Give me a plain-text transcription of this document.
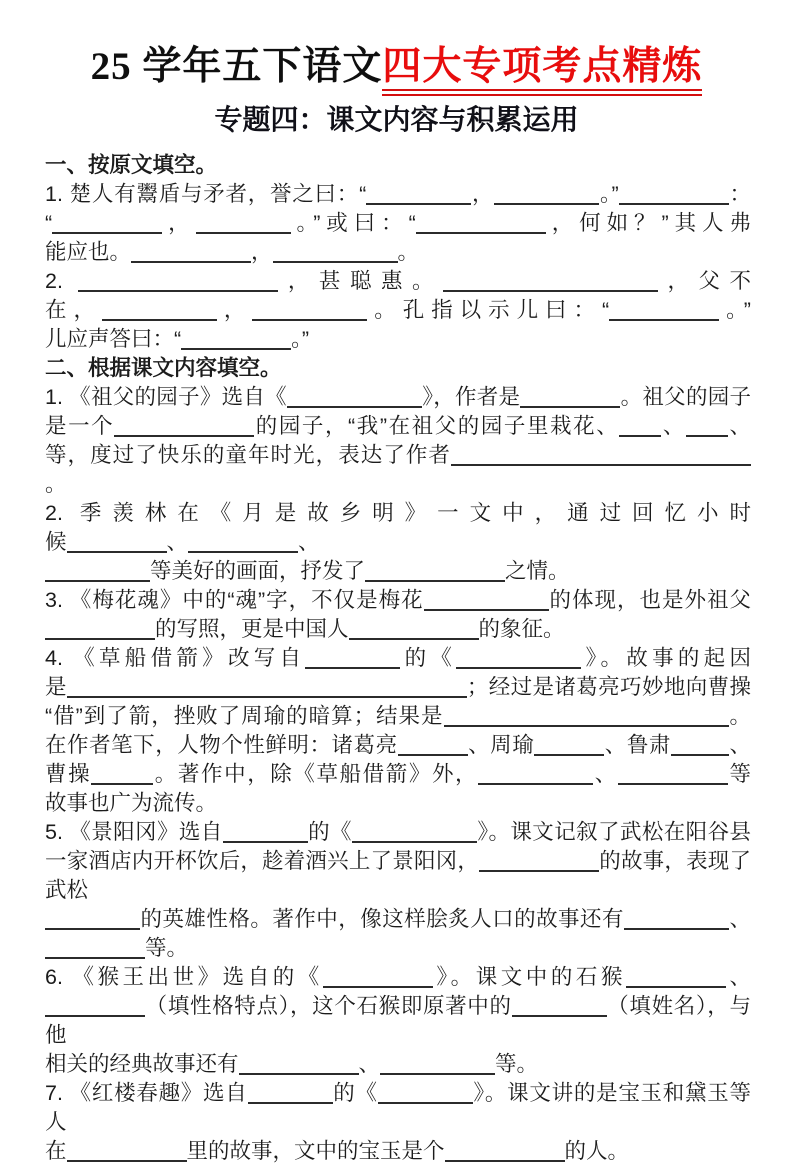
25 学年五下语文四大专项考点精炼
专题四：课文内容与积累运用
一、按原文填空。
1. 楚人有鬻盾与矛者，誉之曰：“	，	。”	：
“	，	。”或曰：“	，何如？”其人弗
能应也。	，	。
2.	，甚聪惠。	，父不
在，	，	。孔指以示儿曰：“	。”
儿应声答曰：“	。”
二、根据课文内容填空。
1. 《祖父的园子》选自《	》，作者是	。祖父的园子
是一个	的园子，“我”在祖父的园子里栽花、 、 、
等，度过了快乐的童年时光，表达了作者。
2. 季羡林在《月是故乡明》一文中，通过回忆小时
候	、	、
等美好的画面，抒发了	之情。
3. 《梅花魂》中的“魂”字，不仅是梅花	的体现，也是外祖父
的写照，更是中国人	的象征。
4. 《草船借箭》改写自	的《	》。故事的起因
是	；经过是诸葛亮巧妙地向曹操
“借”到了箭，挫败了周瑜的暗算；结果是	。
在作者笔下，人物个性鲜明：诸葛亮	、周瑜	、鲁肃	、
曹操	。著作中，除《草船借箭》外，	、	等
故事也广为流传。
5. 《景阳冈》选自	的《	》。课文记叙了武松在阳谷县
一家酒店内开杯饮后，趁着酒兴上了景阳冈，	的故事，表现了
武松
的英雄性格。著作中，像这样脍炙人口的故事还有	、
等。
6. 《猴王出世》选自的《	》。课文中的石猴	、
（填性格特点），这个石猴即原著中的	（填姓名），与他
相关的经典故事还有	、	等。
7. 《红楼春趣》选自	的《	》。课文讲的是宝玉和黛玉等人
在	里的故事，文中的宝玉是个	的人。
